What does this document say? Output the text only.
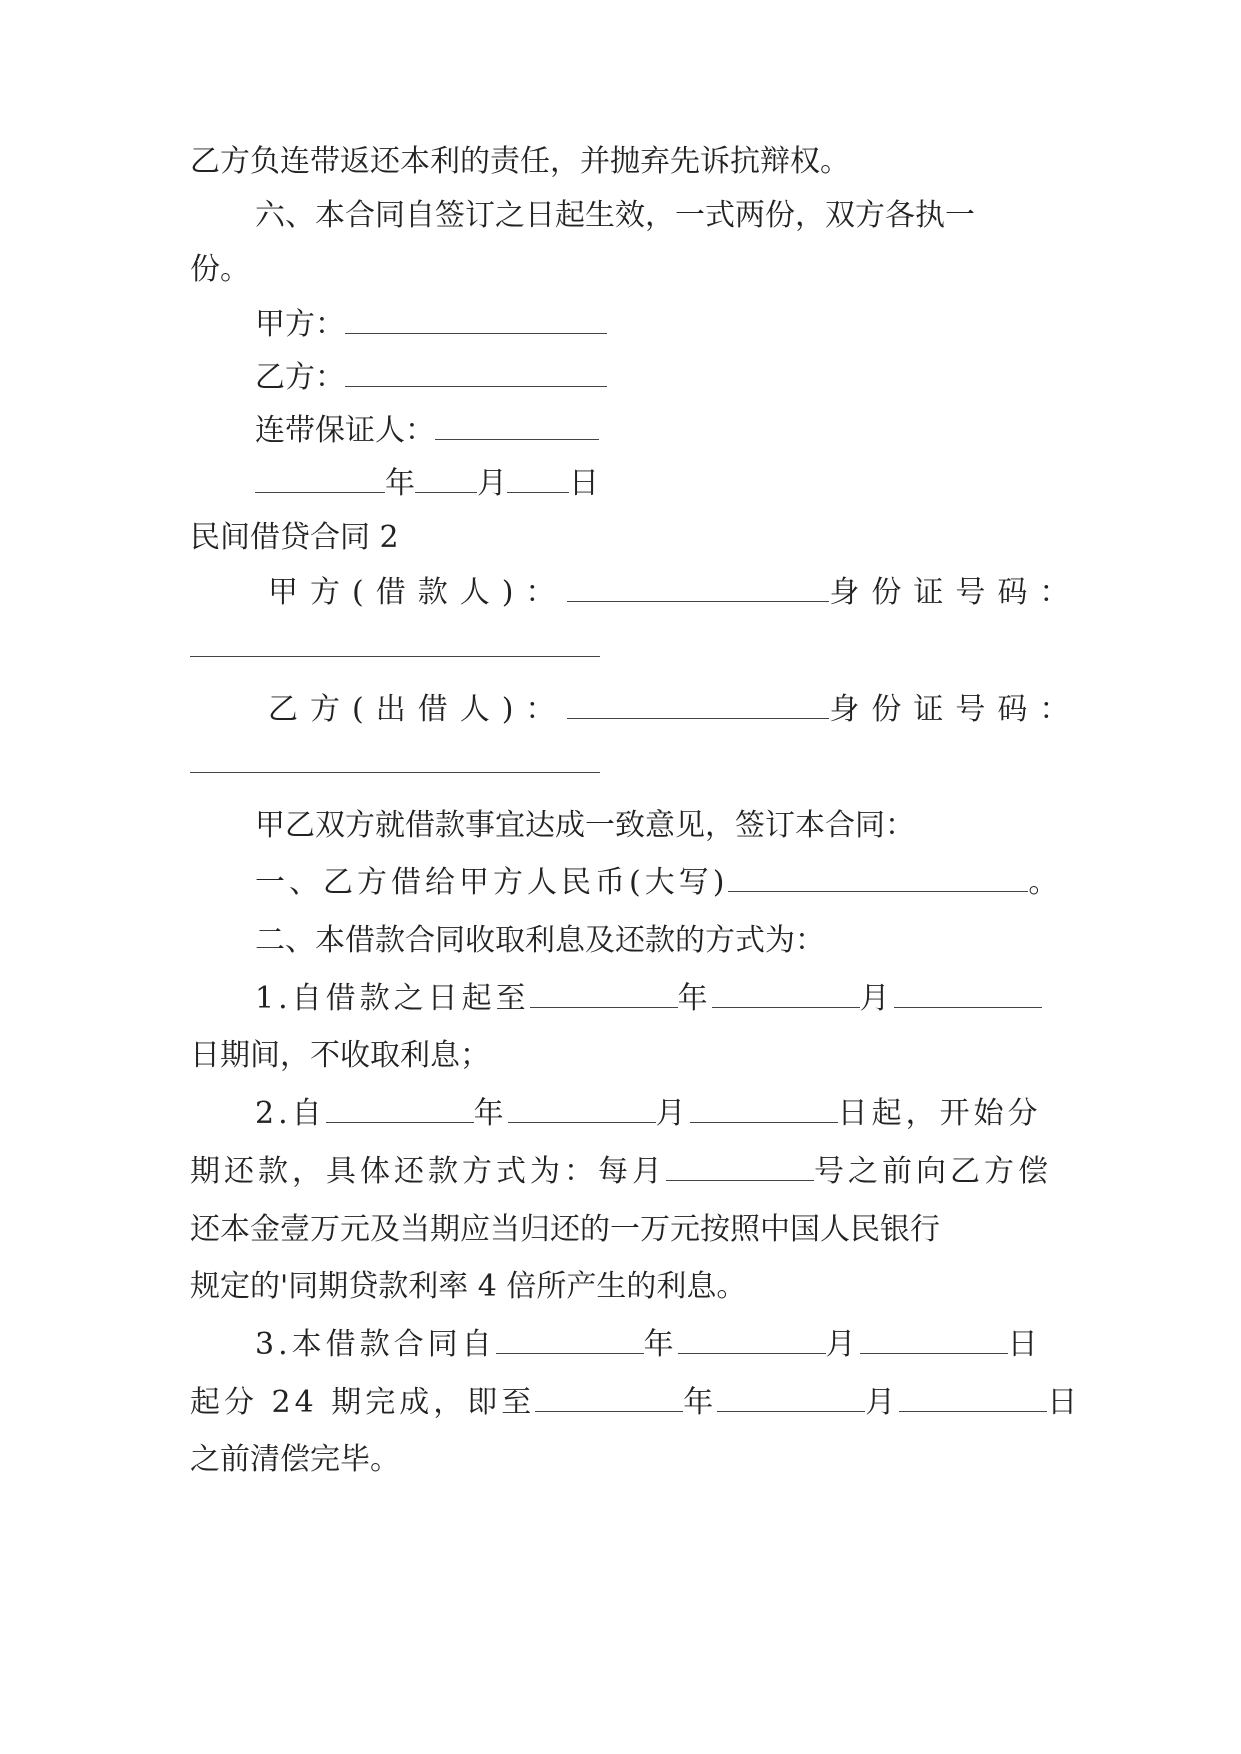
乙方负连带返还本利的责任，并抛弃先诉抗辩权。
六、本合同自签订之日起生效，一式两份，双方各执一
份。
甲方：
乙方：
连带保证人：
年 月 日
民间借贷合同 2
甲方(借款人)：	身份证号码：
乙方(出借人)：	身份证号码：
甲乙双方就借款事宜达成一致意见，签订本合同：
一、乙方借给甲方人民币(大写)	。
二、本借款合同收取利息及还款的方式为：
1.自借款之日起至	年	月
日期间，不收取利息；
2.自	年	月	日起，开始分
期还款，具体还款方式为：每月	号之前向乙方偿
还本金壹万元及当期应当归还的一万元按照中国人民银行
规定的'同期贷款利率 4 倍所产生的利息。
3.本借款合同自	年	月	日
起分 24 期完成，即至	年	月	日
之前清偿完毕。
